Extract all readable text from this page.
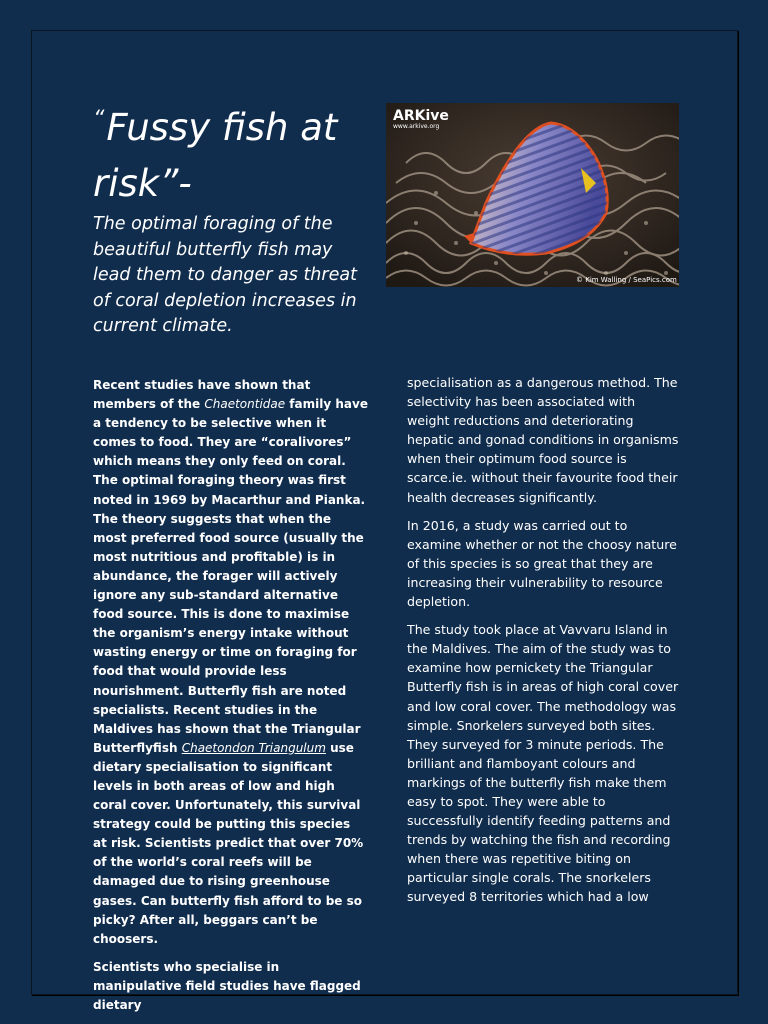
“Fussy fish at risk”-

The optimal foraging of the beautiful butterfly fish may lead them to danger as threat of coral depletion increases in current climate.

ARKive
www.arkive.org
© Kim Walling / SeaPics.com

Recent studies have shown that members of the Chaetontidae family have a tendency to be selective when it comes to food. They are “coralivores” which means they only feed on coral. The optimal foraging theory was first noted in 1969 by Macarthur and Pianka. The theory suggests that when the most preferred food source (usually the most nutritious and profitable) is in abundance, the forager will actively ignore any sub-standard alternative food source. This is done to maximise the organism’s energy intake without wasting energy or time on foraging for food that would provide less nourishment. Butterfly fish are noted specialists. Recent studies in the Maldives has shown that the Triangular Butterflyfish Chaetondon Triangulum use dietary specialisation to significant levels in both areas of low and high coral cover. Unfortunately, this survival strategy could be putting this species at risk. Scientists predict that over 70% of the world’s coral reefs will be damaged due to rising greenhouse gases. Can butterfly fish afford to be so picky? After all, beggars can’t be choosers.

Scientists who specialise in manipulative field studies have flagged dietary

specialisation as a dangerous method. The selectivity has been associated with weight reductions and deteriorating hepatic and gonad conditions in organisms when their optimum food source is scarce.ie. without their favourite food their health decreases significantly.

In 2016, a study was carried out to examine whether or not the choosy nature of this species is so great that they are increasing their vulnerability to resource depletion.

The study took place at Vavvaru Island in the Maldives. The aim of the study was to examine how pernickety the Triangular Butterfly fish is in areas of high coral cover and low coral cover. The methodology was simple. Snorkelers surveyed both sites. They surveyed for 3 minute periods. The brilliant and flamboyant colours and markings of the butterfly fish make them easy to spot. They were able to successfully identify feeding patterns and trends by watching the fish and recording when there was repetitive biting on particular single corals. The snorkelers surveyed 8 territories which had a low
